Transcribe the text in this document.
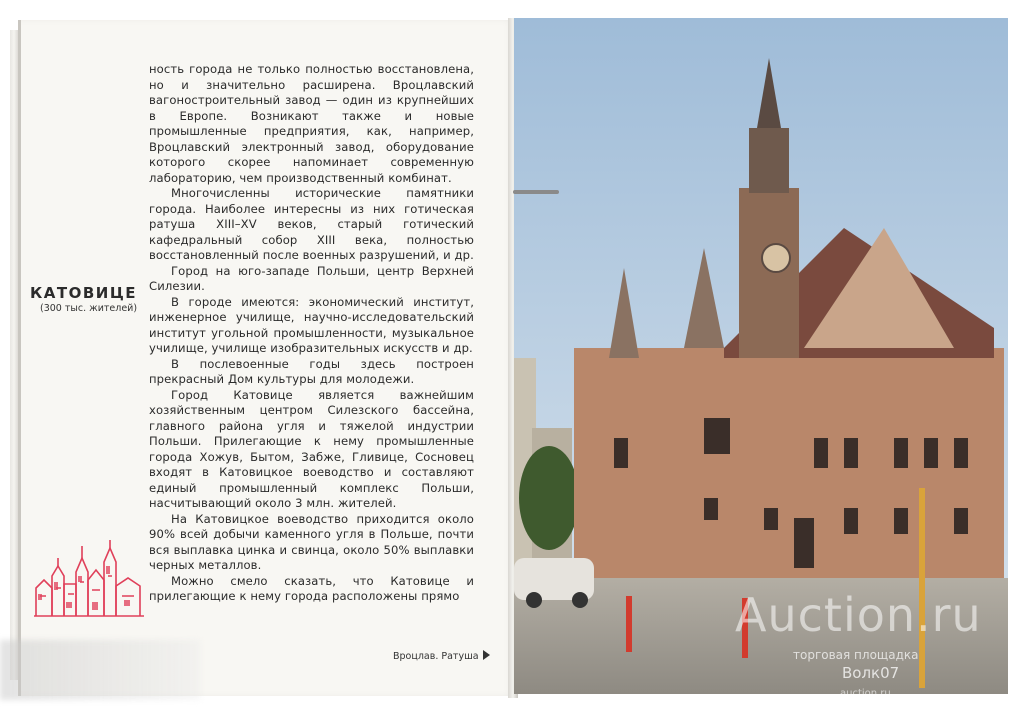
ность города не только полностью восстановлена, но и значительно расширена. Вроцлавский вагоностроительный завод — один из крупнейших в Европе. Возникают также и новые промышленные предприятия, как, например, Вроцлавский электронный завод, оборудование которого скорее напоминает современную лабораторию, чем производственный комбинат.

Многочисленны исторические памятники города. Наиболее интересны из них готическая ратуша XIII–XV веков, старый готический кафедральный собор XIII века, полностью восстановленный после военных разрушений, и др.

Город на юго-западе Польши, центр Верхней Силезии.

В городе имеются: экономический институт, инженерное училище, научно-исследовательский институт угольной промышленности, музыкальное училище, училище изобразительных искусств и др.

В послевоенные годы здесь построен прекрасный Дом культуры для молодежи.

Город Катовице является важнейшим хозяйственным центром Силезского бассейна, главного района угля и тяжелой индустрии Польши. Прилегающие к нему промышленные города Хожув, Бытом, Забже, Гливице, Сосновец входят в Катовицкое воеводство и составляют единый промышленный комплекс Польши, насчитывающий около 3 млн. жителей.

На Катовицкое воеводство приходится около 90% всей добычи каменного угля в Польше, почти вся выплавка цинка и свинца, около 50% выплавки черных металлов.

Можно смело сказать, что Катовице и прилегающие к нему города расположены прямо

КАТОВИЦЕ
(300 тыс. жителей)
Вроцлав. Ратуша
Auction.ru
торговая площадка
Волк07
auction.ru
